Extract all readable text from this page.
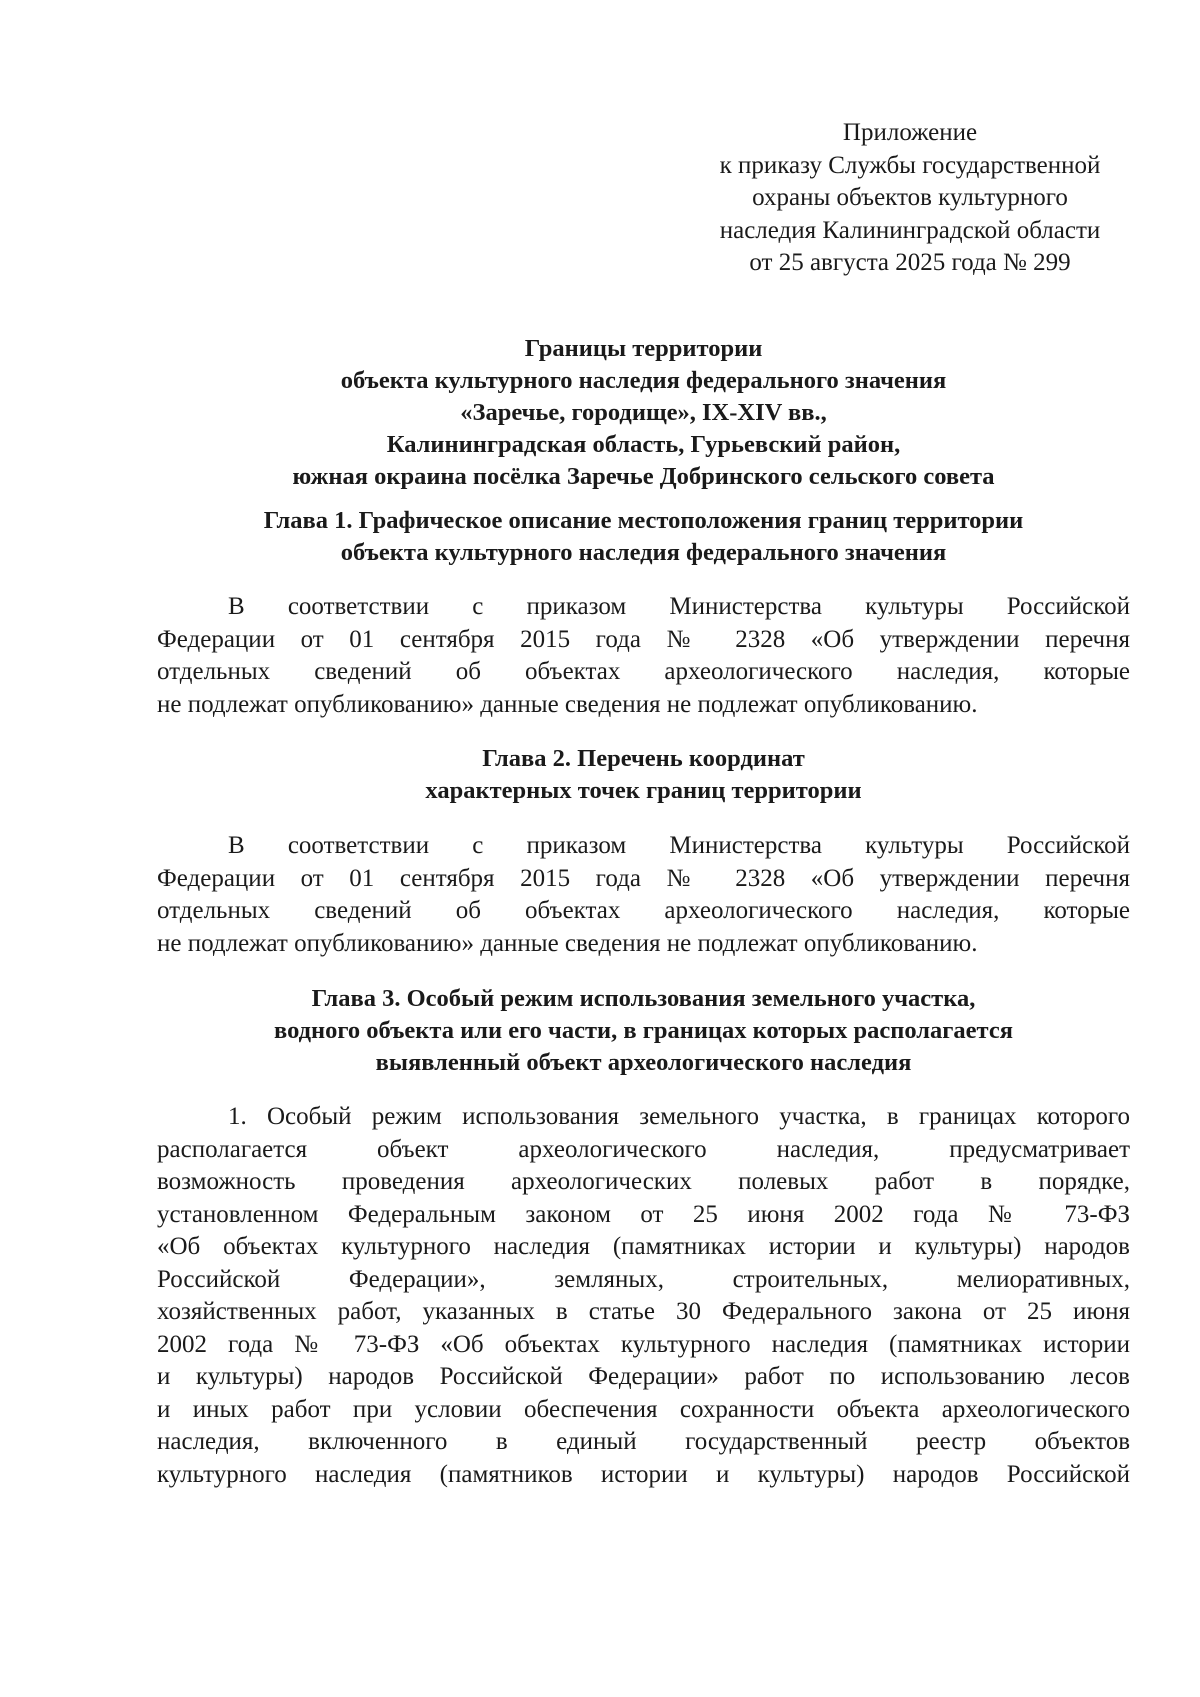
Приложение
к приказу Службы государственной
охраны объектов культурного
наследия Калининградской области
от 25 августа 2025 года № 299
Границы территории
объекта культурного наследия федерального значения
«Заречье, городище», IX-XIV вв.,
Калининградская область, Гурьевский район,
южная окраина посёлка Заречье Добринского сельского совета
Глава 1. Графическое описание местоположения границ территории
объекта культурного наследия федерального значения
В соответствии с приказом Министерства культуры Российской
Федерации от 01 сентября 2015 года № 2328 «Об утверждении перечня
отдельных сведений об объектах археологического наследия, которые
не подлежат опубликованию» данные сведения не подлежат опубликованию.
Глава 2. Перечень координат
характерных точек границ территории
В соответствии с приказом Министерства культуры Российской
Федерации от 01 сентября 2015 года № 2328 «Об утверждении перечня
отдельных сведений об объектах археологического наследия, которые
не подлежат опубликованию» данные сведения не подлежат опубликованию.
Глава 3. Особый режим использования земельного участка,
водного объекта или его части, в границах которых располагается
выявленный объект археологического наследия
1. Особый режим использования земельного участка, в границах которого
располагается объект археологического наследия, предусматривает
возможность проведения археологических полевых работ в порядке,
установленном Федеральным законом от 25 июня 2002 года № 73-ФЗ
«Об объектах культурного наследия (памятниках истории и культуры) народов
Российской Федерации», земляных, строительных, мелиоративных,
хозяйственных работ, указанных в статье 30 Федерального закона от 25 июня
2002 года № 73-ФЗ «Об объектах культурного наследия (памятниках истории
и культуры) народов Российской Федерации» работ по использованию лесов
и иных работ при условии обеспечения сохранности объекта археологического
наследия, включенного в единый государственный реестр объектов
культурного наследия (памятников истории и культуры) народов Российской
